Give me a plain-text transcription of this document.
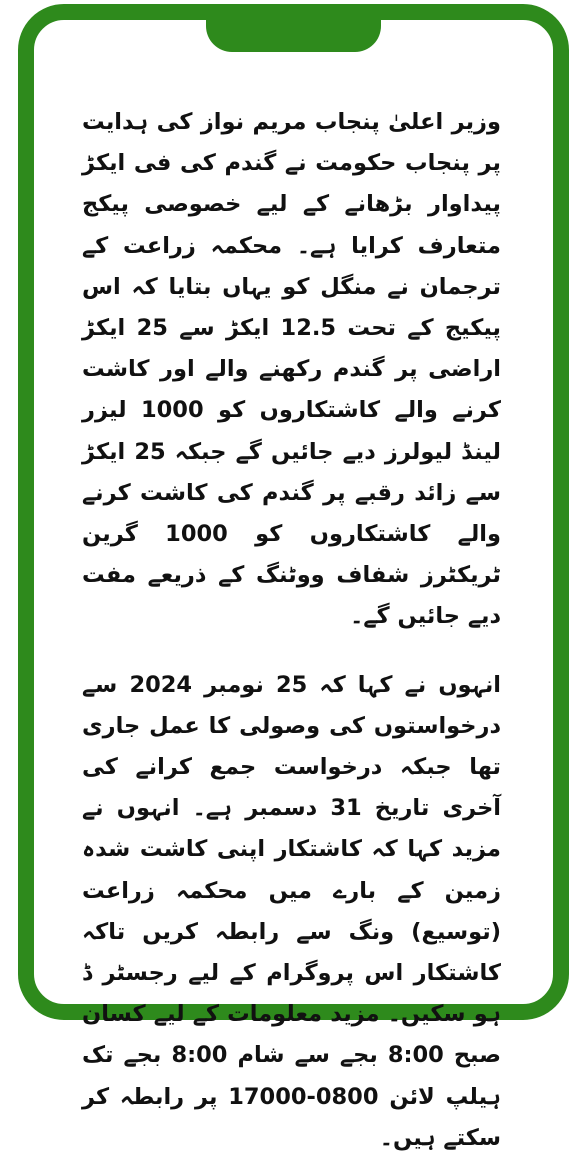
وزیر اعلیٰ پنجاب مریم نواز کی ہدایت پر پنجاب حکومت نے گندم کی فی ایکڑ پیداوار بڑھانے کے لیے خصوصی پیکج متعارف کرایا ہے۔ محکمہ زراعت کے ترجمان نے منگل کو یہاں بتایا کہ اس پیکیج کے تحت 12.5 ایکڑ سے 25 ایکڑ اراضی پر گندم رکھنے والے اور کاشت کرنے والے کاشتکاروں کو 1000 لیزر لینڈ لیولرز دیے جائیں گے جبکہ 25 ایکڑ سے زائد رقبے پر گندم کی کاشت کرنے والے کاشتکاروں کو 1000 گرین ٹریکٹرز شفاف ووٹنگ کے ذریعے مفت دیے جائیں گے۔

انہوں نے کہا کہ 25 نومبر 2024 سے درخواستوں کی وصولی کا عمل جاری تھا جبکہ درخواست جمع کرانے کی آخری تاریخ 31 دسمبر ہے۔ انہوں نے مزید کہا کہ کاشتکار اپنی کاشت شدہ زمین کے بارے میں محکمہ زراعت (توسیع) ونگ سے رابطہ کریں تاکہ کاشتکار اس پروگرام کے لیے رجسٹر ڈ ہو سکیں۔ مزید معلومات کے لیے کسان صبح 8:00 بجے سے شام 8:00 بجے تک ہیلپ لائن 0800-17000 پر رابطہ کر سکتے ہیں۔
